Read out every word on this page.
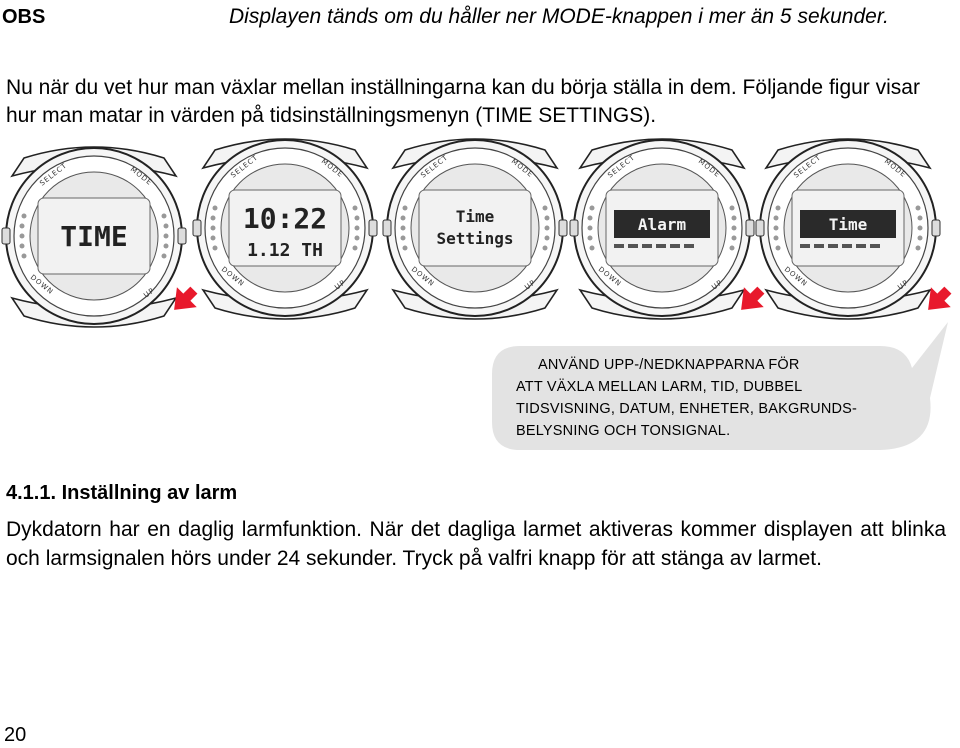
OBS	Displayen tänds om du håller ner MODE-knappen i mer än 5 sekunder.
Nu när du vet hur man växlar mellan inställningarna kan du börja ställa in dem. Följande figur visar hur man matar in värden på tidsinställningsmenyn (TIME SETTINGS).
SELECT	MODE
DOWN	UP
TIME
SELECT	MODE
DOWN	UP
10:22
1.12 TH
SELECT	MODE
DOWN	UP
Time
Settings
SELECT	MODE
DOWN	UP
Alarm
SELECT	MODE
DOWN	UP
Time
ANVÄND UPP-/NEDKNAPPARNA FÖR
ATT VÄXLA MELLAN LARM, TID, DUBBEL
TIDSVISNING, DATUM, ENHETER, BAKGRUNDS-
BELYSNING OCH TONSIGNAL.
4.1.1. Inställning av larm
Dykdatorn har en daglig larmfunktion. När det dagliga larmet aktiveras kommer displayen att blinka och larmsignalen hörs under 24 sekunder. Tryck på valfri knapp för att stänga av larmet.
20
